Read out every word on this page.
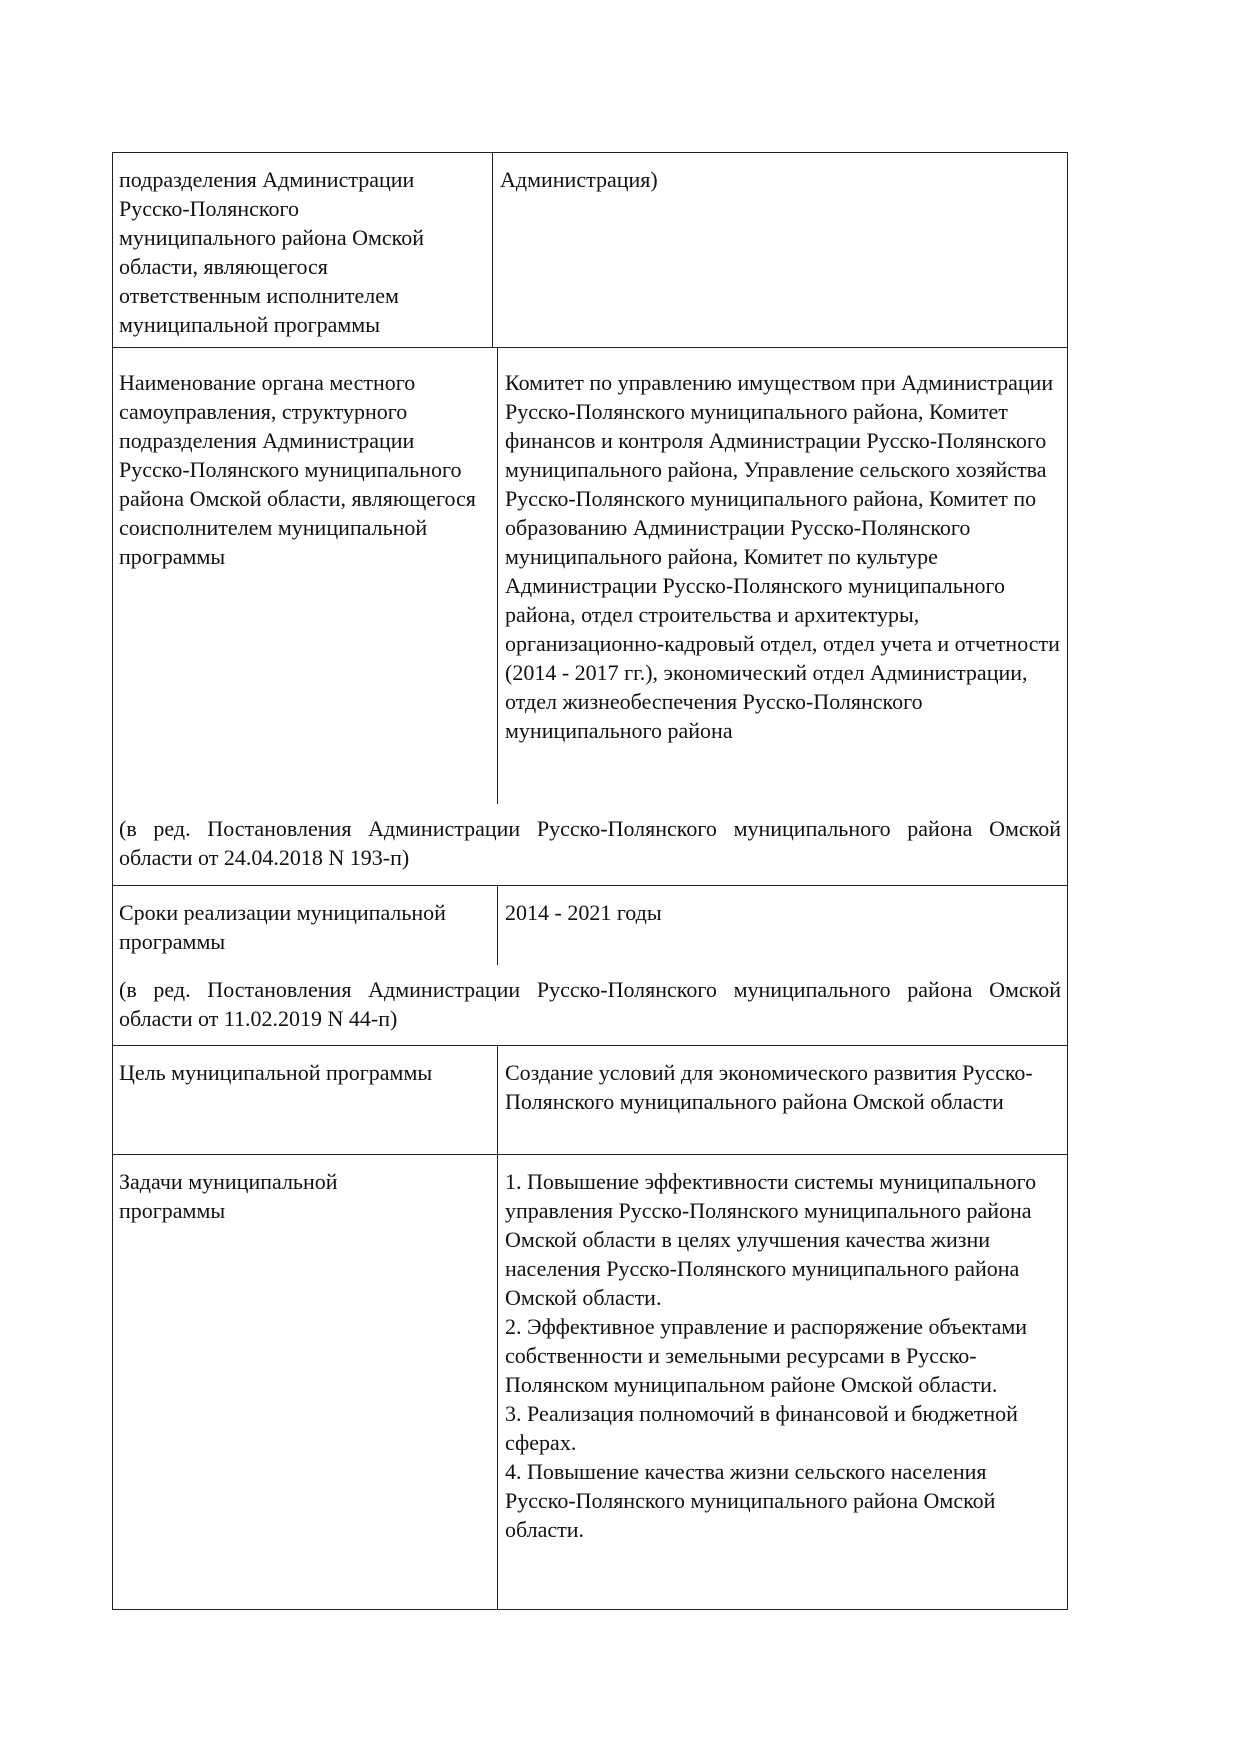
подразделения Администрации Русско-Полянского муниципального района Омской области, являющегося ответственным исполнителем муниципальной программы
Администрация)
Наименование органа местного самоуправления, структурного подразделения Администрации Русско-Полянского муниципального района Омской области, являющегося соисполнителем муниципальной программы
Комитет по управлению имуществом при Администрации Русско-Полянского муниципального района, Комитет финансов и контроля Администрации Русско-Полянского муниципального района, Управление сельского хозяйства Русско-Полянского муниципального района, Комитет по образованию Администрации Русско-Полянского муниципального района, Комитет по культуре Администрации Русско-Полянского муниципального района, отдел строительства и архитектуры, организационно-кадровый отдел, отдел учета и отчетности (2014 - 2017 гг.), экономический отдел Администрации, отдел жизнеобеспечения Русско-Полянского муниципального района
(в ред. Постановления Администрации Русско-Полянского муниципального района Омской области от 24.04.2018 N 193-п)
Сроки реализации муниципальной программы
2014 - 2021 годы
(в ред. Постановления Администрации Русско-Полянского муниципального района Омской области от 11.02.2019 N 44-п)
Цель муниципальной программы	Создание условий для экономического развития Русско-Полянского муниципального района Омской области
Задачи муниципальной программы
1. Повышение эффективности системы муниципального управления Русско-Полянского муниципального района Омской области в целях улучшения качества жизни населения Русско-Полянского муниципального района Омской области.
2. Эффективное управление и распоряжение объектами собственности и земельными ресурсами в Русско-Полянском муниципальном районе Омской области.
3. Реализация полномочий в финансовой и бюджетной сферах.
4. Повышение качества жизни сельского населения Русско-Полянского муниципального района Омской области.
